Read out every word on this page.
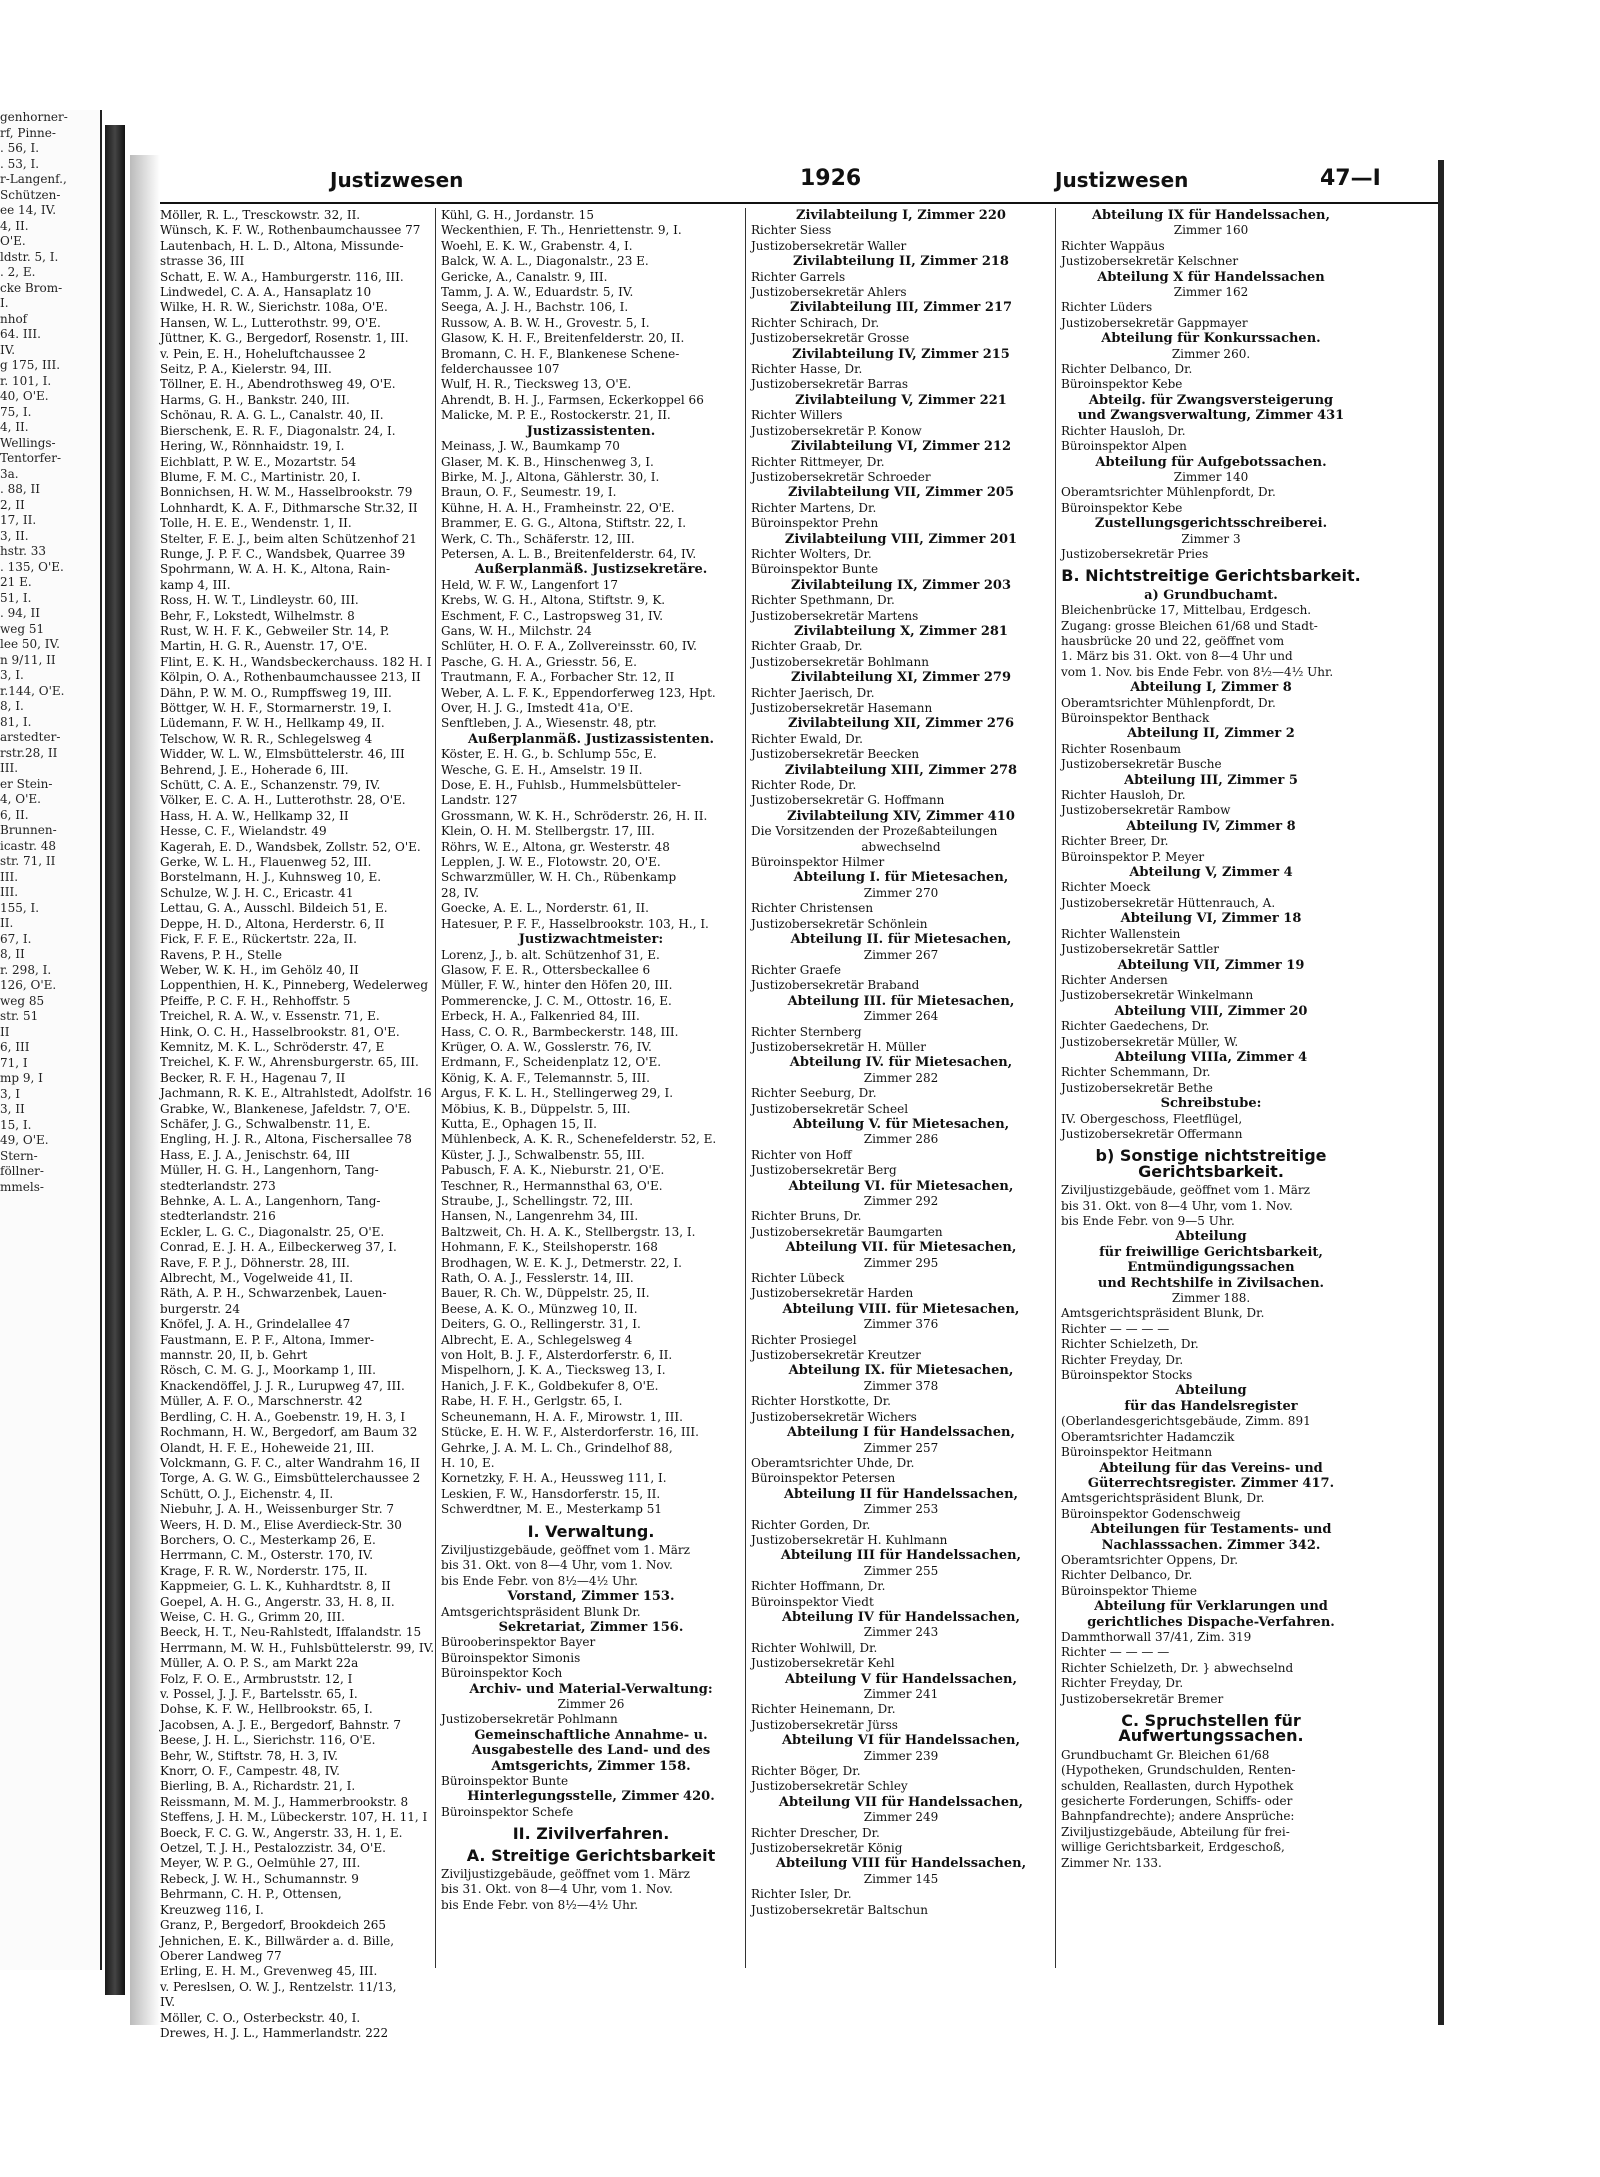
genhorner-
rf, Pinne-
. 56, I.
. 53, I.
r-Langenf.,
Schützen-
ee 14, IV.
4, II.
O'E.
ldstr. 5, I.
. 2, E.
cke Brom-
I.
nhof
64. III.
IV.
g 175, III.
r. 101, I.
40, O'E.
75, I.
4, II.
Wellings-
Tentorfer-
3a.
. 88, II
2, II
17, II.
3, II.
hstr. 33
. 135, O'E.
21 E.
51, I.
. 94, II
weg 51
lee 50, IV.
n 9/11, II
3, I.
r.144, O'E.
8, I.
81, I.
arstedter-
rstr.28, II
III.
er Stein-
4, O'E.
6, II.
Brunnen-
icastr. 48
str. 71, II
III.
III.
155, I.
II.
67, I.
8, II
r. 298, I.
126, O'E.
weg 85
str. 51
II
6, III
71, I
mp 9, I
3, I
3, II
15, I.
49, O'E.
Stern-
föllner-
mmels-
Justizwesen	1926	Justizwesen	47—I
Möller, R. L., Tresckowstr. 32, II.
Wünsch, K. F. W., Rothenbaumchaussee 77
Lautenbach, H. L. D., Altona, Missunde-
strasse 36, III
Schatt, E. W. A., Hamburgerstr. 116, III.
Lindwedel, C. A. A., Hansaplatz 10
Wilke, H. R. W., Sierichstr. 108a, O'E.
Hansen, W. L., Lutterothstr. 99, O'E.
Jüttner, K. G., Bergedorf, Rosenstr. 1, III.
v. Pein, E. H., Hoheluftchaussee 2
Seitz, P. A., Kielerstr. 94, III.
Töllner, E. H., Abendrothsweg 49, O'E.
Harms, G. H., Bankstr. 240, III.
Schönau, R. A. G. L., Canalstr. 40, II.
Bierschenk, E. R. F., Diagonalstr. 24, I.
Hering, W., Rönnhaidstr. 19, I.
Eichblatt, P. W. E., Mozartstr. 54
Blume, F. M. C., Martinistr. 20, I.
Bonnichsen, H. W. M., Hasselbrookstr. 79
Lohnhardt, K. A. F., Dithmarsche Str.32, II
Tolle, H. E. E., Wendenstr. 1, II.
Stelter, F. E. J., beim alten Schützenhof 21
Runge, J. P. F. C., Wandsbek, Quarree 39
Spohrmann, W. A. H. K., Altona, Rain-
kamp 4, III.
Ross, H. W. T., Lindleystr. 60, III.
Behr, F., Lokstedt, Wilhelmstr. 8
Rust, W. H. F. K., Gebweiler Str. 14, P.
Martin, H. G. R., Auenstr. 17, O'E.
Flint, E. K. H., Wandsbeckerchauss. 182 H. I
Kölpin, O. A., Rothenbaumchaussee 213, II
Dähn, P. W. M. O., Rumpffsweg 19, III.
Böttger, W. H. F., Stormarnerstr. 19, I.
Lüdemann, F. W. H., Hellkamp 49, II.
Telschow, W. R. R., Schlegelsweg 4
Widder, W. L. W., Elmsbüttelerstr. 46, III
Behrend, J. E., Hoherade 6, III.
Schütt, C. A. E., Schanzenstr. 79, IV.
Völker, E. C. A. H., Lutterothstr. 28, O'E.
Hass, H. A. W., Hellkamp 32, II
Hesse, C. F., Wielandstr. 49
Kagerah, E. D., Wandsbek, Zollstr. 52, O'E.
Gerke, W. L. H., Flauenweg 52, III.
Borstelmann, H. J., Kuhnsweg 10, E.
Schulze, W. J. H. C., Ericastr. 41
Lettau, G. A., Ausschl. Bildeich 51, E.
Deppe, H. D., Altona, Herderstr. 6, II
Fick, F. F. E., Rückertstr. 22a, II.
Ravens, P. H., Stelle
Weber, W. K. H., im Gehölz 40, II
Loppenthien, H. K., Pinneberg, Wedelerweg
Pfeiffe, P. C. F. H., Rehhoffstr. 5
Treichel, R. A. W., v. Essenstr. 71, E.
Hink, O. C. H., Hasselbrookstr. 81, O'E.
Kemnitz, M. K. L., Schröderstr. 47, E
Treichel, K. F. W., Ahrensburgerstr. 65, III.
Becker, R. F. H., Hagenau 7, II
Jachmann, R. K. E., Altrahlstedt, Adolfstr. 16
Grabke, W., Blankenese, Jafeldstr. 7, O'E.
Schäfer, J. G., Schwalbenstr. 11, E.
Engling, H. J. R., Altona, Fischersallee 78
Hass, E. J. A., Jenischstr. 64, III
Müller, H. G. H., Langenhorn, Tang-
stedterlandstr. 273
Behnke, A. L. A., Langenhorn, Tang-
stedterlandstr. 216
Eckler, L. G. C., Diagonalstr. 25, O'E.
Conrad, E. J. H. A., Eilbeckerweg 37, I.
Rave, F. P. J., Döhnerstr. 28, III.
Albrecht, M., Vogelweide 41, II.
Räth, A. P. H., Schwarzenbek, Lauen-
burgerstr. 24
Knöfel, J. A. H., Grindelallee 47
Faustmann, E. P. F., Altona, Immer-
mannstr. 20, II, b. Gehrt
Rösch, C. M. G. J., Moorkamp 1, III.
Knackendöffel, J. J. R., Lurupweg 47, III.
Müller, A. F. O., Marschnerstr. 42
Berdling, C. H. A., Goebenstr. 19, H. 3, I
Rochmann, H. W., Bergedorf, am Baum 32
Olandt, H. F. E., Hoheweide 21, III.
Volckmann, G. F. C., alter Wandrahm 16, II
Torge, A. G. W. G., Eimsbüttelerchaussee 2
Schütt, O. J., Eichenstr. 4, II.
Niebuhr, J. A. H., Weissenburger Str. 7
Weers, H. D. M., Elise Averdieck-Str. 30
Borchers, O. C., Mesterkamp 26, E.
Herrmann, C. M., Osterstr. 170, IV.
Krage, F. R. W., Norderstr. 175, II.
Kappmeier, G. L. K., Kuhhardtstr. 8, II
Goepel, A. H. G., Angerstr. 33, H. 8, II.
Weise, C. H. G., Grimm 20, III.
Beeck, H. T., Neu-Rahlstedt, Iffalandstr. 15
Herrmann, M. W. H., Fuhlsbüttelerstr. 99, IV.
Müller, A. O. P. S., am Markt 22a
Folz, F. O. E., Armbruststr. 12, I
v. Possel, J. J. F., Bartelsstr. 65, I.
Dohse, K. F. W., Hellbrookstr. 65, I.
Jacobsen, A. J. E., Bergedorf, Bahnstr. 7
Beese, J. H. L., Sierichstr. 116, O'E.
Behr, W., Stiftstr. 78, H. 3, IV.
Knorr, O. F., Campestr. 48, IV.
Bierling, B. A., Richardstr. 21, I.
Reissmann, M. M. J., Hammerbrookstr. 8
Steffens, J. H. M., Lübeckerstr. 107, H. 11, I
Boeck, F. C. G. W., Angerstr. 33, H. 1, E.
Oetzel, T. J. H., Pestalozzistr. 34, O'E.
Meyer, W. P. G., Oelmühle 27, III.
Rebeck, J. W. H., Schumannstr. 9
Behrmann, C. H. P., Ottensen,
Kreuzweg 116, I.
Granz, P., Bergedorf, Brookdeich 265
Jehnichen, E. K., Billwärder a. d. Bille,
Oberer Landweg 77
Erling, E. H. M., Grevenweg 45, III.
v. Pereslsen, O. W. J., Rentzelstr. 11/13,
IV.
Möller, C. O., Osterbeckstr. 40, I.
Drewes, H. J. L., Hammerlandstr. 222
Kühl, G. H., Jordanstr. 15
Weckenthien, F. Th., Henriettenstr. 9, I.
Woehl, E. K. W., Grabenstr. 4, I.
Balck, W. A. L., Diagonalstr., 23 E.
Gericke, A., Canalstr. 9, III.
Tamm, J. A. W., Eduardstr. 5, IV.
Seega, A. J. H., Bachstr. 106, I.
Russow, A. B. W. H., Grovestr. 5, I.
Glasow, K. H. F., Breitenfelderstr. 20, II.
Bromann, C. H. F., Blankenese Schene-
felderchaussee 107
Wulf, H. R., Tiecksweg 13, O'E.
Ahrendt, B. H. J., Farmsen, Eckerkoppel 66
Malicke, M. P. E., Rostockerstr. 21, II.
Justizassistenten.
Meinass, J. W., Baumkamp 70
Glaser, M. K. B., Hinschenweg 3, I.
Birke, M. J., Altona, Gählerstr. 30, I.
Braun, O. F., Seumestr. 19, I.
Kühne, H. A. H., Framheinstr. 22, O'E.
Brammer, E. G. G., Altona, Stiftstr. 22, I.
Werk, C. Th., Schäferstr. 12, III.
Petersen, A. L. B., Breitenfelderstr. 64, IV.
Außerplanmäß. Justizsekretäre.
Held, W. F. W., Langenfort 17
Krebs, W. G. H., Altona, Stiftstr. 9, K.
Eschment, F. C., Lastropsweg 31, IV.
Gans, W. H., Milchstr. 24
Schlüter, H. O. F. A., Zollvereinsstr. 60, IV.
Pasche, G. H. A., Griesstr. 56, E.
Trautmann, F. A., Forbacher Str. 12, II
Weber, A. L. F. K., Eppendorferweg 123, Hpt.
Over, H. J. G., Imstedt 41a, O'E.
Senftleben, J. A., Wiesenstr. 48, ptr.
Außerplanmäß. Justizassistenten.
Köster, E. H. G., b. Schlump 55c, E.
Wesche, G. E. H., Amselstr. 19 II.
Dose, E. H., Fuhlsb., Hummelsbütteler-
Landstr. 127
Grossmann, W. K. H., Schröderstr. 26, H. II.
Klein, O. H. M. Stellbergstr. 17, III.
Röhrs, W. E., Altona, gr. Westerstr. 48
Lepplen, J. W. E., Flotowstr. 20, O'E.
Schwarzmüller, W. H. Ch., Rübenkamp
28, IV.
Goecke, A. E. L., Norderstr. 61, II.
Hatesuer, P. F. F., Hasselbrookstr. 103, H., I.
Justizwachtmeister:
Lorenz, J., b. alt. Schützenhof 31, E.
Glasow, F. E. R., Ottersbeckallee 6
Müller, F. W., hinter den Höfen 20, III.
Pommerencke, J. C. M., Ottostr. 16, E.
Erbeck, H. A., Falkenried 84, III.
Hass, C. O. R., Barmbeckerstr. 148, III.
Krüger, O. A. W., Gosslerstr. 76, IV.
Erdmann, F., Scheidenplatz 12, O'E.
König, K. A. F., Telemannstr. 5, III.
Argus, F. K. L. H., Stellingerweg 29, I.
Möbius, K. B., Düppelstr. 5, III.
Kutta, E., Ophagen 15, II.
Mühlenbeck, A. K. R., Schenefelderstr. 52, E.
Küster, J. J., Schwalbenstr. 55, III.
Pabusch, F. A. K., Nieburstr. 21, O'E.
Teschner, R., Hermannsthal 63, O'E.
Straube, J., Schellingstr. 72, III.
Hansen, N., Langenrehm 34, III.
Baltzweit, Ch. H. A. K., Stellbergstr. 13, I.
Hohmann, F. K., Steilshoperstr. 168
Brodhagen, W. E. K. J., Detmerstr. 22, I.
Rath, O. A. J., Fesslerstr. 14, III.
Bauer, R. Ch. W., Düppelstr. 25, II.
Beese, A. K. O., Münzweg 10, II.
Deiters, G. O., Rellingerstr. 31, I.
Albrecht, E. A., Schlegelsweg 4
von Holt, B. J. F., Alsterdorferstr. 6, II.
Mispelhorn, J. K. A., Tiecksweg 13, I.
Hanich, J. F. K., Goldbekufer 8, O'E.
Rabe, H. F. H., Gerlgstr. 65, I.
Scheunemann, H. A. F., Mirowstr. 1, III.
Stücke, E. H. W. F., Alsterdorferstr. 16, III.
Gehrke, J. A. M. L. Ch., Grindelhof 88,
H. 10, E.
Kornetzky, F. H. A., Heussweg 111, I.
Leskien, F. W., Hansdorferstr. 15, II.
Schwerdtner, M. E., Mesterkamp 51
I. Verwaltung.
Ziviljustizgebäude, geöffnet vom 1. März
bis 31. Okt. von 8—4 Uhr, vom 1. Nov.
bis Ende Febr. von 8½—4½ Uhr.
Vorstand, Zimmer 153.
Amtsgerichtspräsident Blunk Dr.
Sekretariat, Zimmer 156.
Bürooberinspektor Bayer
Büroinspektor Simonis
Büroinspektor Koch
Archiv- und Material-Verwaltung:
Zimmer 26
Justizobersekretär Pohlmann
Gemeinschaftliche Annahme- u.
Ausgabestelle des Land- und des
Amtsgerichts, Zimmer 158.
Büroinspektor Bunte
Hinterlegungsstelle, Zimmer 420.
Büroinspektor Schefe
II. Zivilverfahren.
A. Streitige Gerichtsbarkeit
Ziviljustizgebäude, geöffnet vom 1. März
bis 31. Okt. von 8—4 Uhr, vom 1. Nov.
bis Ende Febr. von 8½—4½ Uhr.
Zivilabteilung I, Zimmer 220
Richter Siess
Justizobersekretär Waller
Zivilabteilung II, Zimmer 218
Richter Garrels
Justizobersekretär Ahlers
Zivilabteilung III, Zimmer 217
Richter Schirach, Dr.
Justizobersekretär Grosse
Zivilabteilung IV, Zimmer 215
Richter Hasse, Dr.
Justizobersekretär Barras
Zivilabteilung V, Zimmer 221
Richter Willers
Justizobersekretär P. Konow
Zivilabteilung VI, Zimmer 212
Richter Rittmeyer, Dr.
Justizobersekretär Schroeder
Zivilabteilung VII, Zimmer 205
Richter Martens, Dr.
Büroinspektor Prehn
Zivilabteilung VIII, Zimmer 201
Richter Wolters, Dr.
Büroinspektor Bunte
Zivilabteilung IX, Zimmer 203
Richter Spethmann, Dr.
Justizobersekretär Martens
Zivilabteilung X, Zimmer 281
Richter Graab, Dr.
Justizobersekretär Bohlmann
Zivilabteilung XI, Zimmer 279
Richter Jaerisch, Dr.
Justizobersekretär Hasemann
Zivilabteilung XII, Zimmer 276
Richter Ewald, Dr.
Justizobersekretär Beecken
Zivilabteilung XIII, Zimmer 278
Richter Rode, Dr.
Justizobersekretär G. Hoffmann
Zivilabteilung XIV, Zimmer 410
Die Vorsitzenden der Prozeßabteilungen
abwechselnd
Büroinspektor Hilmer
Abteilung I. für Mietesachen,
Zimmer 270
Richter Christensen
Justizobersekretär Schönlein
Abteilung II. für Mietesachen,
Zimmer 267
Richter Graefe
Justizobersekretär Braband
Abteilung III. für Mietesachen,
Zimmer 264
Richter Sternberg
Justizobersekretär H. Müller
Abteilung IV. für Mietesachen,
Zimmer 282
Richter Seeburg, Dr.
Justizobersekretär Scheel
Abteilung V. für Mietesachen,
Zimmer 286
Richter von Hoff
Justizobersekretär Berg
Abteilung VI. für Mietesachen,
Zimmer 292
Richter Bruns, Dr.
Justizobersekretär Baumgarten
Abteilung VII. für Mietesachen,
Zimmer 295
Richter Lübeck
Justizobersekretär Harden
Abteilung VIII. für Mietesachen,
Zimmer 376
Richter Prosiegel
Justizobersekretär Kreutzer
Abteilung IX. für Mietesachen,
Zimmer 378
Richter Horstkotte, Dr.
Justizobersekretär Wichers
Abteilung I für Handelssachen,
Zimmer 257
Oberamtsrichter Uhde, Dr.
Büroinspektor Petersen
Abteilung II für Handelssachen,
Zimmer 253
Richter Gorden, Dr.
Justizobersekretär H. Kuhlmann
Abteilung III für Handelssachen,
Zimmer 255
Richter Hoffmann, Dr.
Büroinspektor Viedt
Abteilung IV für Handelssachen,
Zimmer 243
Richter Wohlwill, Dr.
Justizobersekretär Kehl
Abteilung V für Handelssachen,
Zimmer 241
Richter Heinemann, Dr.
Justizobersekretär Jürss
Abteilung VI für Handelssachen,
Zimmer 239
Richter Böger, Dr.
Justizobersekretär Schley
Abteilung VII für Handelssachen,
Zimmer 249
Richter Drescher, Dr.
Justizobersekretär König
Abteilung VIII für Handelssachen,
Zimmer 145
Richter Isler, Dr.
Justizobersekretär Baltschun
Abteilung IX für Handelssachen,
Zimmer 160
Richter Wappäus
Justizobersekretär Kelschner
Abteilung X für Handelssachen
Zimmer 162
Richter Lüders
Justizobersekretär Gappmayer
Abteilung für Konkurssachen.
Zimmer 260.
Richter Delbanco, Dr.
Büroinspektor Kebe
Abteilg. für Zwangsversteigerung
und Zwangsverwaltung, Zimmer 431
Richter Hausloh, Dr.
Büroinspektor Alpen
Abteilung für Aufgebotssachen.
Zimmer 140
Oberamtsrichter Mühlenpfordt, Dr.
Büroinspektor Kebe
Zustellungsgerichtsschreiberei.
Zimmer 3
Justizobersekretär Pries
B. Nichtstreitige Gerichtsbarkeit.
a) Grundbuchamt.
Bleichenbrücke 17, Mittelbau, Erdgesch.
Zugang: grosse Bleichen 61/68 und Stadt-
hausbrücke 20 und 22, geöffnet vom
1. März bis 31. Okt. von 8—4 Uhr und
vom 1. Nov. bis Ende Febr. von 8½—4½ Uhr.
Abteilung I, Zimmer 8
Oberamtsrichter Mühlenpfordt, Dr.
Büroinspektor Benthack
Abteilung II, Zimmer 2
Richter Rosenbaum
Justizobersekretär Busche
Abteilung III, Zimmer 5
Richter Hausloh, Dr.
Justizobersekretär Rambow
Abteilung IV, Zimmer 8
Richter Breer, Dr.
Büroinspektor P. Meyer
Abteilung V, Zimmer 4
Richter Moeck
Justizobersekretär Hüttenrauch, A.
Abteilung VI, Zimmer 18
Richter Wallenstein
Justizobersekretär Sattler
Abteilung VII, Zimmer 19
Richter Andersen
Justizobersekretär Winkelmann
Abteilung VIII, Zimmer 20
Richter Gaedechens, Dr.
Justizobersekretär Müller, W.
Abteilung VIIIa, Zimmer 4
Richter Schemmann, Dr.
Justizobersekretär Bethe
Schreibstube:
IV. Obergeschoss, Fleetflügel,
Justizobersekretär Offermann
b) Sonstige nichtstreitige Gerichtsbarkeit.
Ziviljustizgebäude, geöffnet vom 1. März
bis 31. Okt. von 8—4 Uhr, vom 1. Nov.
bis Ende Febr. von 9—5 Uhr.
Abteilung
für freiwillige Gerichtsbarkeit,
Entmündigungssachen
und Rechtshilfe in Zivilsachen.
Zimmer 188.
Amtsgerichtspräsident Blunk, Dr.
Richter — — — —
Richter Schielzeth, Dr.
Richter Freyday, Dr.
Büroinspektor Stocks
Abteilung
für das Handelsregister
(Oberlandesgerichtsgebäude, Zimm. 891
Oberamtsrichter Hadamczik
Büroinspektor Heitmann
Abteilung für das Vereins- und
Güterrechtsregister. Zimmer 417.
Amtsgerichtspräsident Blunk, Dr.
Büroinspektor Godenschweig
Abteilungen für Testaments- und
Nachlasssachen. Zimmer 342.
Oberamtsrichter Oppens, Dr.
Richter Delbanco, Dr.
Büroinspektor Thieme
Abteilung für Verklarungen und
gerichtliches Dispache-Verfahren.
Dammthorwall 37/41, Zim. 319
Richter — — — —
Richter Schielzeth, Dr. } abwechselnd
Richter Freyday, Dr.
Justizobersekretär Bremer
C. Spruchstellen für Aufwertungssachen.
Grundbuchamt Gr. Bleichen 61/68
(Hypotheken, Grundschulden, Renten-
schulden, Reallasten, durch Hypothek
gesicherte Forderungen, Schiffs- oder
Bahnpfandrechte); andere Ansprüche:
Ziviljustizgebäude, Abteilung für frei-
willige Gerichtsbarkeit, Erdgeschoß,
Zimmer Nr. 133.
